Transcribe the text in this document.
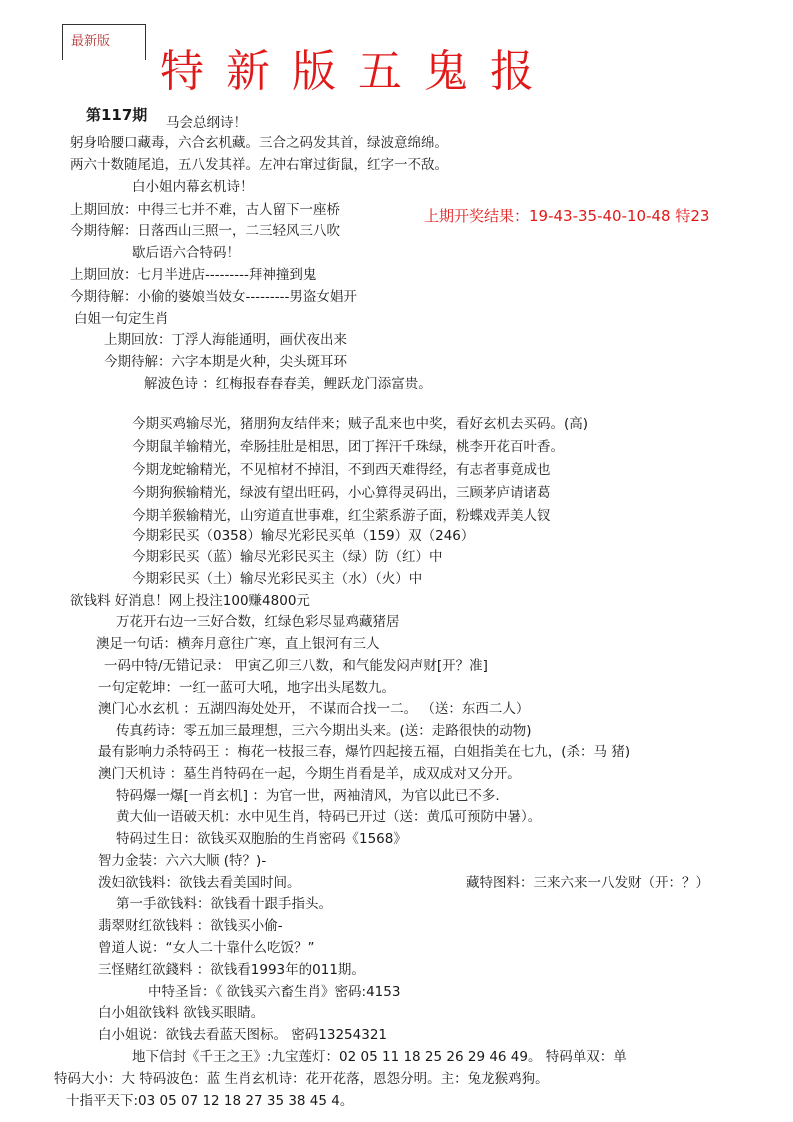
最新版
特新版五鬼报
第117期
上期开奖结果：19-43-35-40-10-48 特23
马会总纲诗！
躬身哈腰口藏毒，六合玄机藏。三合之码发其首，绿波意绵绵。
两六十数随尾追，五八发其祥。左冲右窜过街鼠，红字一不敌。
白小姐内幕玄机诗！
上期回放：中得三七并不难，古人留下一座桥
今期待解：日落西山三照一，二三轻风三八吹
歇后语六合特码！
上期回放：七月半进店---------拜神撞到鬼
今期待解：小偷的婆娘当妓女---------男盗女娼开
白姐一句定生肖
上期回放：丁浮人海能通明，画伏夜出来
今期待解：六字本期是火种，尖头斑耳环
解波色诗 ：红梅报春春春美，鲤跃龙门添富贵。
今期买鸡输尽光，猪朋狗友结伴来；贼子乱来也中奖，看好玄机去买码。(高)
今期鼠羊输精光，牵肠挂肚是相思，团丁挥汗千珠绿，桃李开花百叶香。
今期龙蛇输精光，不见棺材不掉泪，不到西天难得经，有志者事竟成也
今期狗猴输精光，绿波有望出旺码，小心算得灵码出，三顾茅庐请诸葛
今期羊猴输精光，山穷道直世事难，红尘萦系游子面，粉蝶戏弄美人钗
今期彩民买（0358）输尽光彩民买单（159）双（246）
今期彩民买（蓝）输尽光彩民买主（绿）防（红）中
今期彩民买（土）输尽光彩民买主（水）（火）中
欲钱料 好消息！网上投注100赚4800元
万花开右边一三好合数，红绿色彩尽显鸡藏猪居
澳足一句话：横奔月意往广寒，直上银河有三人
一码中特/无错记录： 甲寅乙卯三八数，和气能发闷声财[开？准]
一句定乾坤：一红一蓝可大吼，地字出头尾数九。
澳门心水玄机 ：五湖四海处处开， 不谋而合找一二。 （送：东西二人）
传真药诗：零五加三最理想，三六今期出头来。(送：走路很快的动物)
最有影响力杀特码王 ：梅花一枝报三春，爆竹四起接五福，白姐指美在七九，(杀：马 猪)
澳门天机诗 ：墓生肖特码在一起，今期生肖看是羊，成双成对又分开。
特码爆一爆[一肖玄机] ：为官一世，两袖清风，为官以此已不多.
黄大仙一语破天机：水中见生肖，特码已开过（送：黄瓜可预防中暑）。
特码过生日：欲钱买双胞胎的生肖密码《1568》
智力金装：六六大顺 (特？)-
泼妇欲钱料：欲钱去看美国时间。	藏特图料：三来六来一八发财（开：？）
第一手欲钱料：欲钱看十跟手指头。
翡翠财红欲钱料 ：欲钱买小偷-
曾道人说：“女人二十靠什么吃饭？”
三怪赌红欲錢料 ：欲钱看1993年的011期。
中特圣旨：《 欲钱买六畜生肖》密码:4153
白小姐欲钱料 欲钱买眼睛。
白小姐说：欲钱去看蓝天图标。 密码13254321
地下信封《千王之王》:九宝莲灯：02 05 11 18 25 26 29 46 49。 特码单双：单
特码大小：大 特码波色：蓝 生肖玄机诗：花开花落，恩怨分明。主：兔龙猴鸡狗。
十指平天下:03 05 07 12 18 27 35 38 45 4。
